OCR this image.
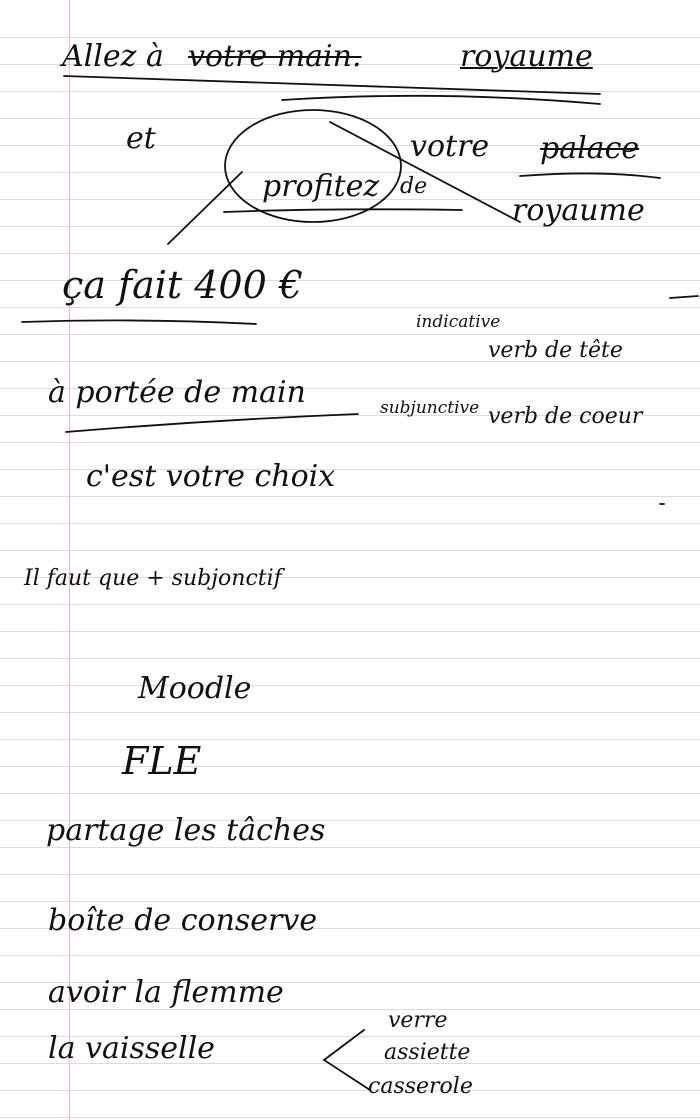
Allez à votre main.	royaume
et	votre palace
profitez de
royaume
ça fait 400 €
indicative
verb de tête
subjunctive verb de coeur
à portée de main
c'est votre choix
Il faut que + subjonctif
Moodle
FLE
partage les tâches
boîte de conserve
avoir la flemme
la vaisselle
verre
assiette
casserole
